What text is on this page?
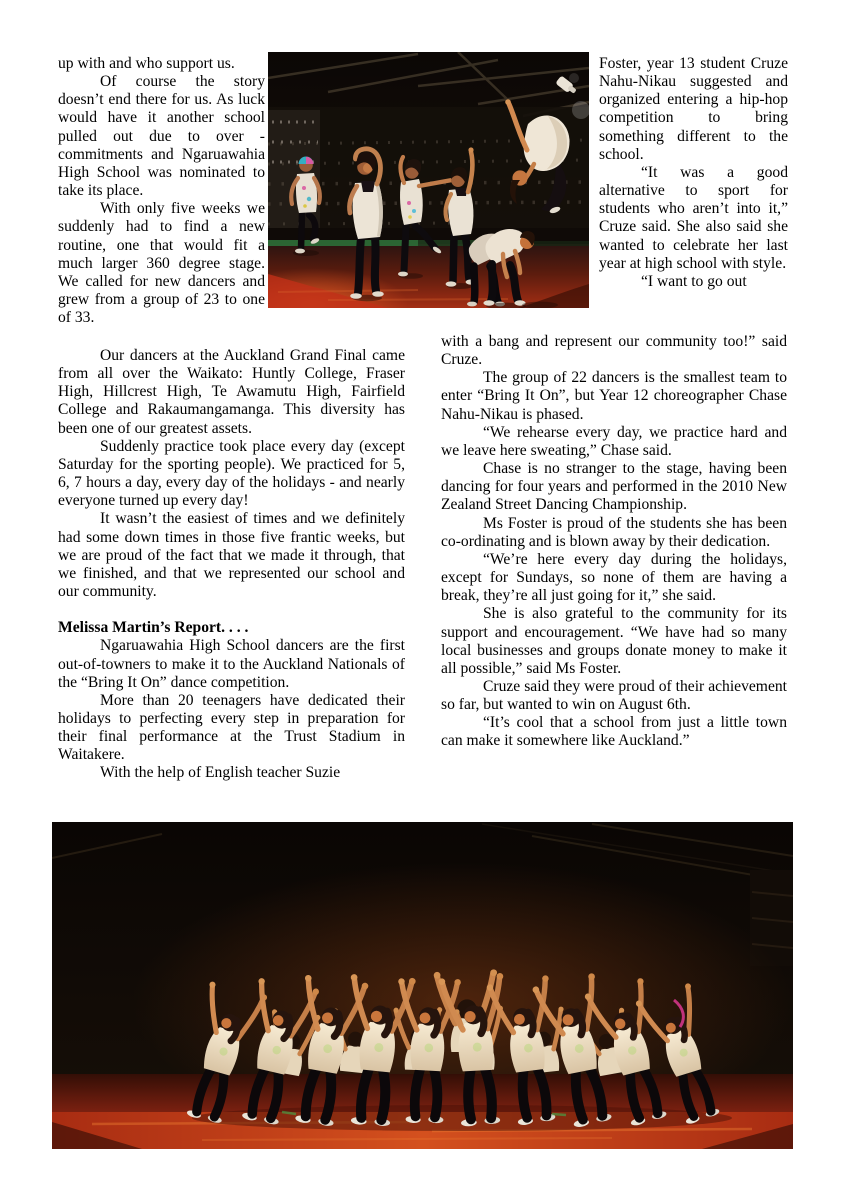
up with and who support us.

Of course the story doesn’t end there for us. As luck would have it another school pulled out due to over -commitments and Ngaruawahia High School was nominated to take its place.

With only five weeks we suddenly had to find a new routine, one that would fit a much larger 360 degree stage. We called for new dancers and grew from a group of 23 to one of 33.

Foster, year 13 student Cruze Nahu-Nikau suggested and organized entering a hip-hop competition to bring something different to the school.

“It was a good alternative to sport for students who aren’t into it,” Cruze said. She also said she wanted to celebrate her last year at high school with style.

“I want to go out

Our dancers at the Auckland Grand Final came from all over the Waikato: Huntly College, Fraser High, Hillcrest High, Te Awamutu High, Fairfield College and Rakaumangamanga. This diversity has been one of our greatest assets.

Suddenly practice took place every day (except Saturday for the sporting people). We practiced for 5, 6, 7 hours a day, every day of the holidays - and nearly everyone turned up every day!

It wasn’t the easiest of times and we definitely had some down times in those five frantic weeks, but we are proud of the fact that we made it through, that we finished, and that we represented our school and our community.

Melissa Martin’s Report. . . .

Ngaruawahia High School dancers are the first out-of-towners to make it to the Auckland Nationals of the “Bring It On” dance competition.

More than 20 teenagers have dedicated their holidays to perfecting every step in preparation for their final performance at the Trust Stadium in Waitakere.

With the help of English teacher Suzie

with a bang and represent our community too!” said Cruze.

The group of 22 dancers is the smallest team to enter “Bring It On”, but Year 12 choreographer Chase Nahu-Nikau is phased.

“We rehearse every day, we practice hard and we leave here sweating,” Chase said.

Chase is no stranger to the stage, having been dancing for four years and performed in the 2010 New Zealand Street Dancing Championship.

Ms Foster is proud of the students she has been co-ordinating and is blown away by their dedication.

“We’re here every day during the holidays, except for Sundays, so none of them are having a break, they’re all just going for it,” she said.

She is also grateful to the community for its support and encouragement. “We have had so many local businesses and groups donate money to make it all possible,” said Ms Foster.

Cruze said they were proud of their achievement so far, but wanted to win on August 6th.

“It’s cool that a school from just a little town can make it somewhere like Auckland.”
